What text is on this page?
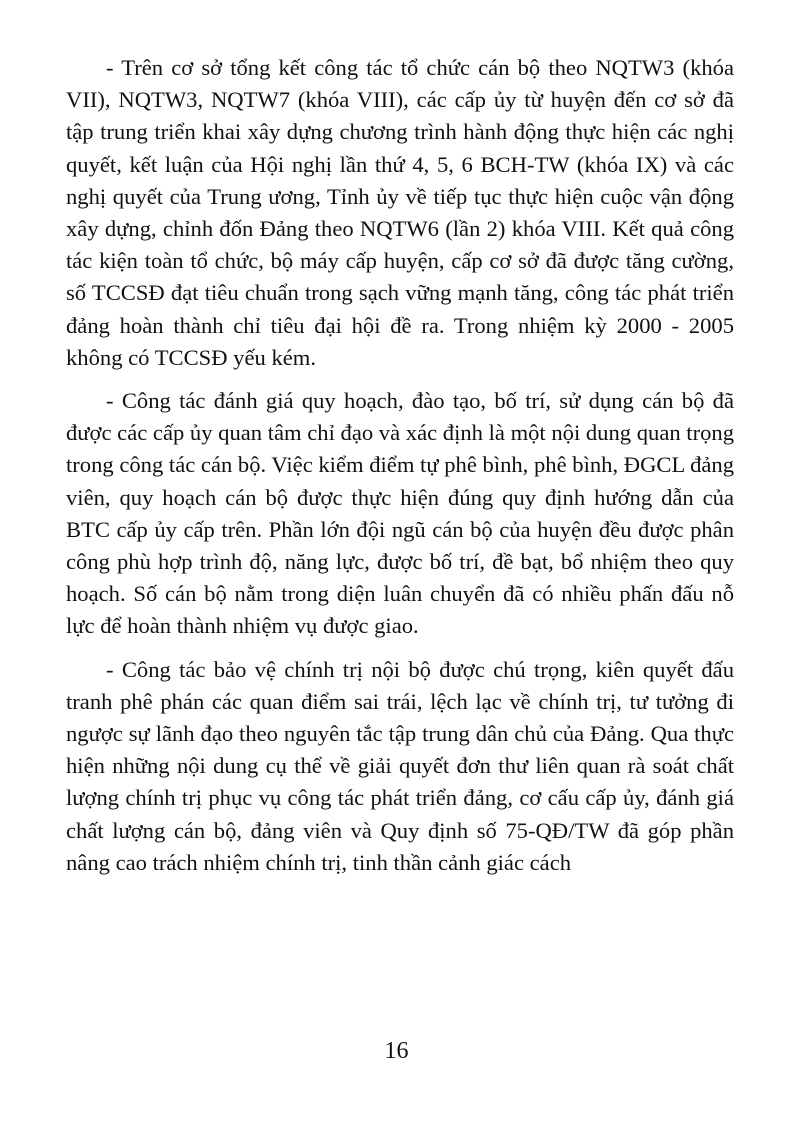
- Trên cơ sở tổng kết công tác tổ chức cán bộ theo NQTW3 (khóa VII), NQTW3, NQTW7 (khóa VIII), các cấp ủy từ huyện đến cơ sở đã tập trung triển khai xây dựng chương trình hành động thực hiện các nghị quyết, kết luận của Hội nghị lần thứ 4, 5, 6 BCH-TW (khóa IX) và các nghị quyết của Trung ương, Tỉnh ủy về tiếp tục thực hiện cuộc vận động xây dựng, chỉnh đốn Đảng theo NQTW6 (lần 2) khóa VIII. Kết quả công tác kiện toàn tổ chức, bộ máy cấp huyện, cấp cơ sở đã được tăng cường, số TCCSĐ đạt tiêu chuẩn trong sạch vững mạnh tăng, công tác phát triển đảng hoàn thành chỉ tiêu đại hội đề ra. Trong nhiệm kỳ 2000 - 2005 không có TCCSĐ yếu kém.

- Công tác đánh giá quy hoạch, đào tạo, bố trí, sử dụng cán bộ đã được các cấp ủy quan tâm chỉ đạo và xác định là một nội dung quan trọng trong công tác cán bộ. Việc kiểm điểm tự phê bình, phê bình, ĐGCL đảng viên, quy hoạch cán bộ được thực hiện đúng quy định hướng dẫn của BTC cấp ủy cấp trên. Phần lớn đội ngũ cán bộ của huyện đều được phân công phù hợp trình độ, năng lực, được bố trí, đề bạt, bổ nhiệm theo quy hoạch. Số cán bộ nằm trong diện luân chuyển đã có nhiều phấn đấu nỗ lực để hoàn thành nhiệm vụ được giao.

- Công tác bảo vệ chính trị nội bộ được chú trọng, kiên quyết đấu tranh phê phán các quan điểm sai trái, lệch lạc về chính trị, tư tưởng đi ngược sự lãnh đạo theo nguyên tắc tập trung dân chủ của Đảng. Qua thực hiện những nội dung cụ thể về giải quyết đơn thư liên quan rà soát chất lượng chính trị phục vụ công tác phát triển đảng, cơ cấu cấp ủy, đánh giá chất lượng cán bộ, đảng viên và Quy định số 75-QĐ/TW đã góp phần nâng cao trách nhiệm chính trị, tinh thần cảnh giác cách

16
